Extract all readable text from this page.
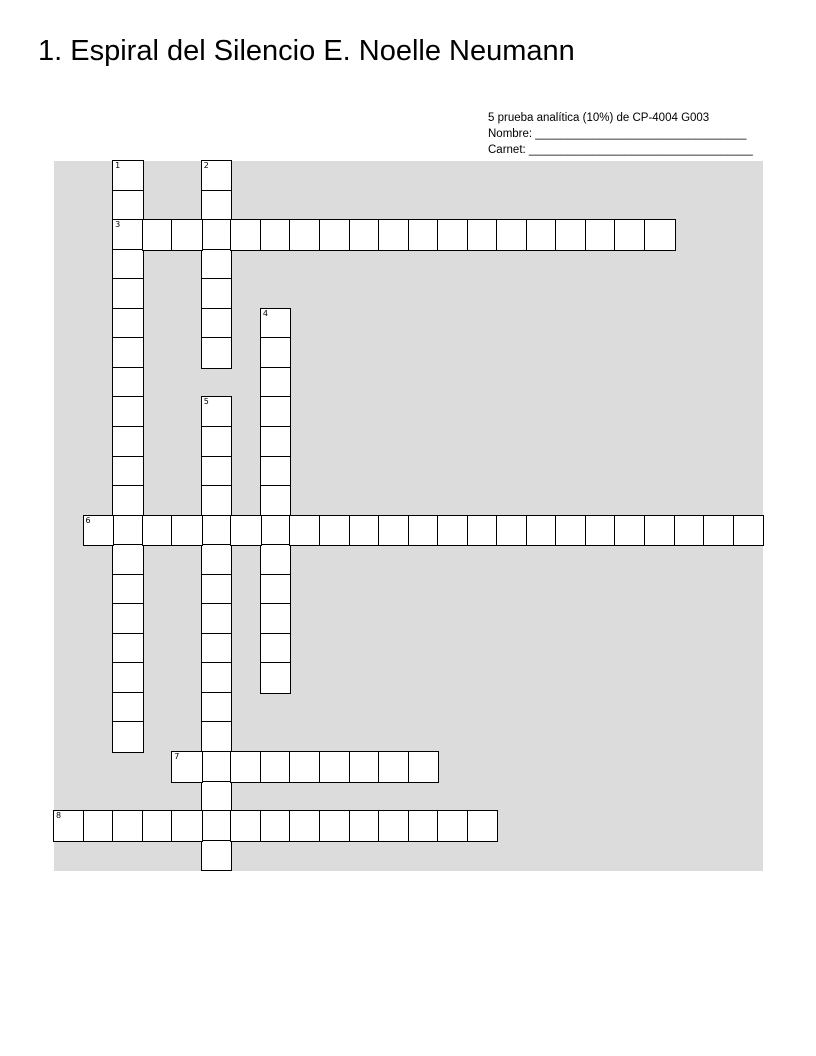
1. Espiral del Silencio E. Noelle Neumann
5 prueba analítica (10%) de CP-4004 G003
Nombre: _________________________________
Carnet: ___________________________________
1
3
2
4
5
6
7
8
